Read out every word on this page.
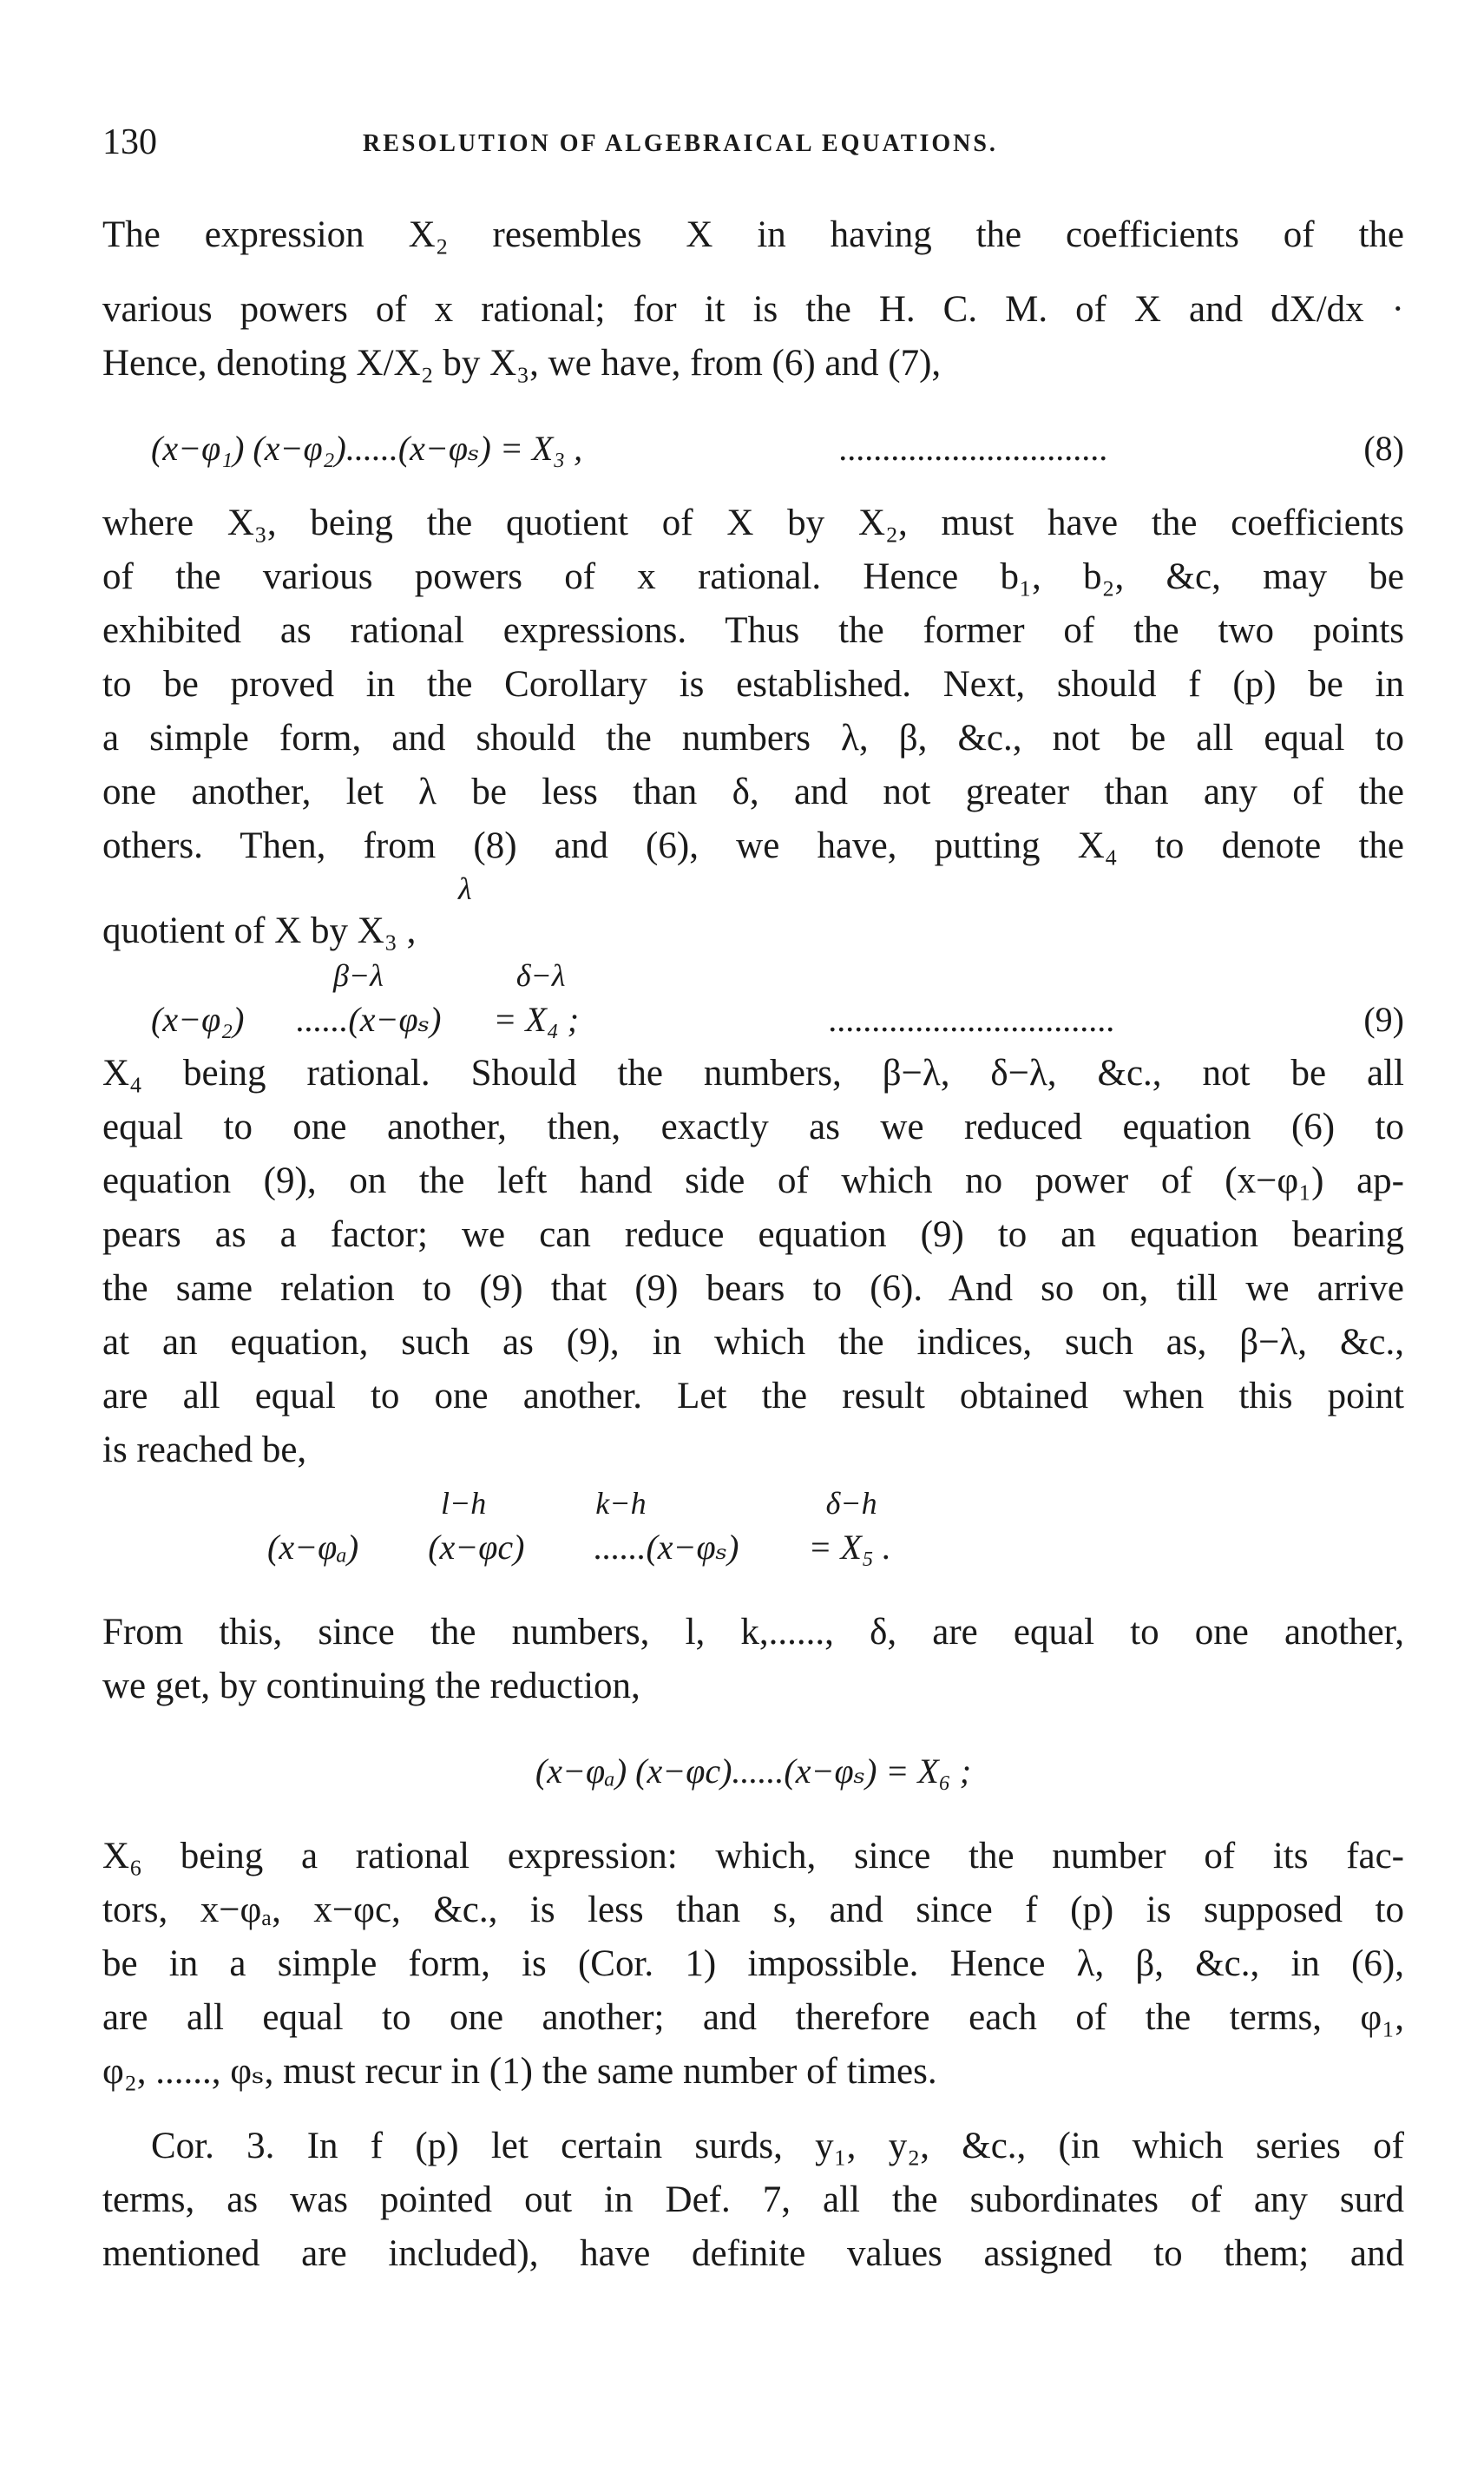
130	RESOLUTION OF ALGEBRAICAL EQUATIONS.

The expression X₂ resembles X in having the coefficients of the

various powers of x rational; for it is the H. C. M. of X and dX/dx ·

Hence, denoting X/X₂ by X₃, we have, from (6) and (7),

(x−φ₁) (x−φ₂)......(x−φₛ) = X₃ ,	...............................	(8)

where X₃, being the quotient of X by X₂, must have the coefficients

of the various powers of x rational. Hence b₁, b₂, &c, may be

exhibited as rational expressions. Thus the former of the two points

to be proved in the Corollary is established. Next, should f (p) be in

a simple form, and should the numbers λ, β, &c., not be all equal to

one another, let λ be less than δ, and not greater than any of the

others. Then, from (8) and (6), we have, putting X₄ to denote the

λ

quotient of X by X₃ ,

β−λ                 δ−λ
(x−φ₂)      ......(x−φₛ)      = X₄ ;	.................................	(9)

X₄ being rational. Should the numbers, β−λ, δ−λ, &c., not be all

equal to one another, then, exactly as we reduced equation (6) to

equation (9), on the left hand side of which no power of (x−φ₁) ap-

pears as a factor; we can reduce equation (9) to an equation bearing

the same relation to (9) that (9) bears to (6). And so on, till we arrive

at an equation, such as (9), in which the indices, such as, β−λ, &c.,

are all equal to one another. Let the result obtained when this point

is reached be,

l−h              k−h                       δ−h
(x−φₐ)        (x−φc)        ......(x−φₛ)        = X₅ .

From this, since the numbers, l, k,......, δ, are equal to one another,

we get, by continuing the reduction,

(x−φₐ) (x−φc)......(x−φₛ) = X₆ ;

X₆ being a rational expression: which, since the number of its fac-

tors, x−φₐ, x−φc, &c., is less than s, and since f (p) is supposed to

be in a simple form, is (Cor. 1) impossible. Hence λ, β, &c., in (6),

are all equal to one another; and therefore each of the terms, φ₁,

φ₂, ......, φₛ, must recur in (1) the same number of times.

Cor. 3. In f (p) let certain surds, y₁, y₂, &c., (in which series of

terms, as was pointed out in Def. 7, all the subordinates of any surd

mentioned are included), have definite values assigned to them; and
